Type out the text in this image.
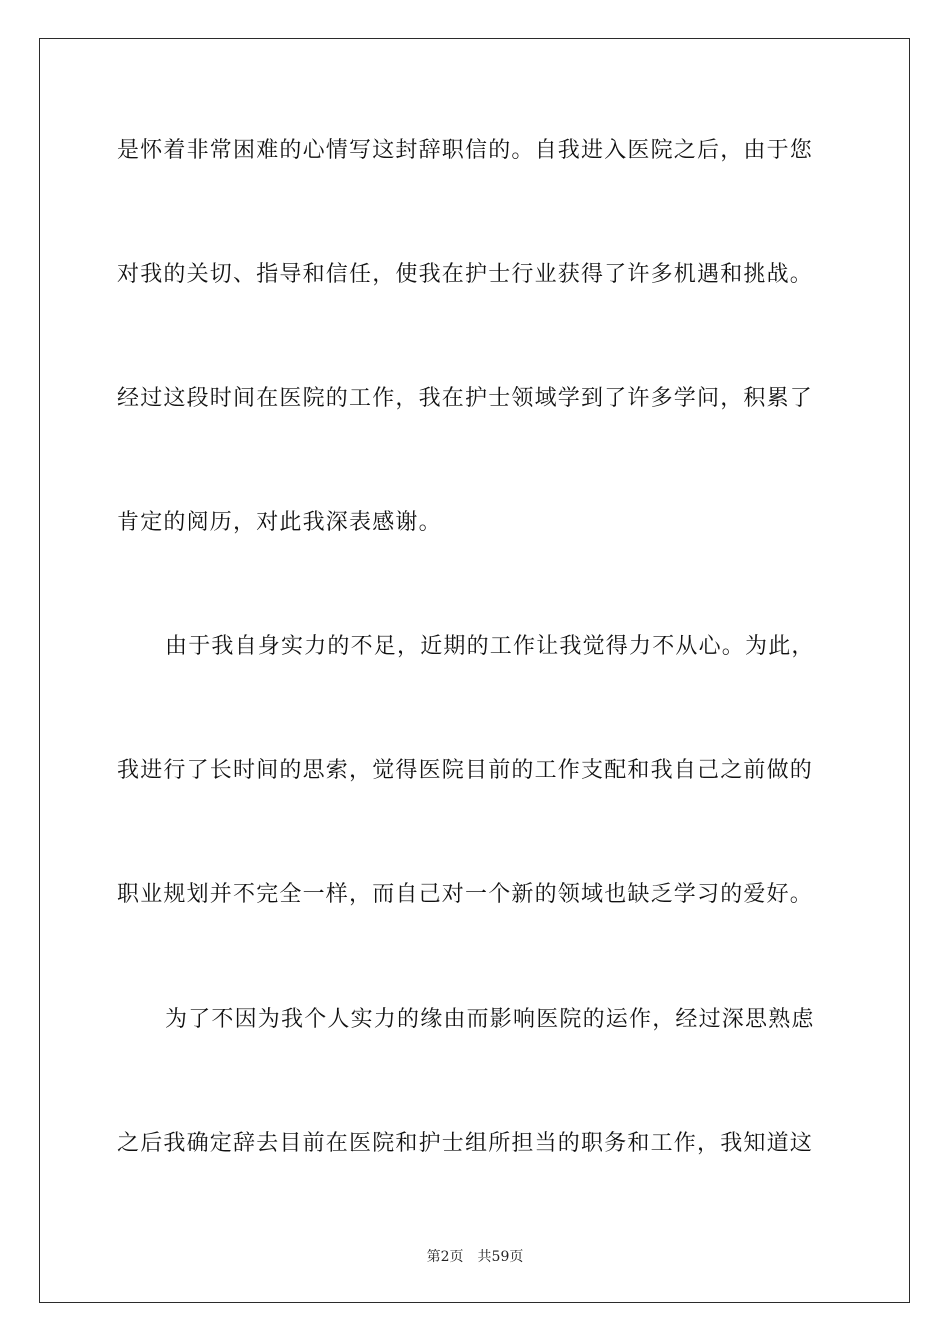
是怀着非常困难的心情写这封辞职信的。自我进入医院之后，由于您
对我的关切、指导和信任，使我在护士行业获得了许多机遇和挑战。
经过这段时间在医院的工作，我在护士领域学到了许多学问，积累了
肯定的阅历，对此我深表感谢。
由于我自身实力的不足，近期的工作让我觉得力不从心。为此，
我进行了长时间的思索，觉得医院目前的工作支配和我自己之前做的
职业规划并不完全一样，而自己对一个新的领域也缺乏学习的爱好。
为了不因为我个人实力的缘由而影响医院的运作，经过深思熟虑
之后我确定辞去目前在医院和护士组所担当的职务和工作，我知道这
第2页 共59页
